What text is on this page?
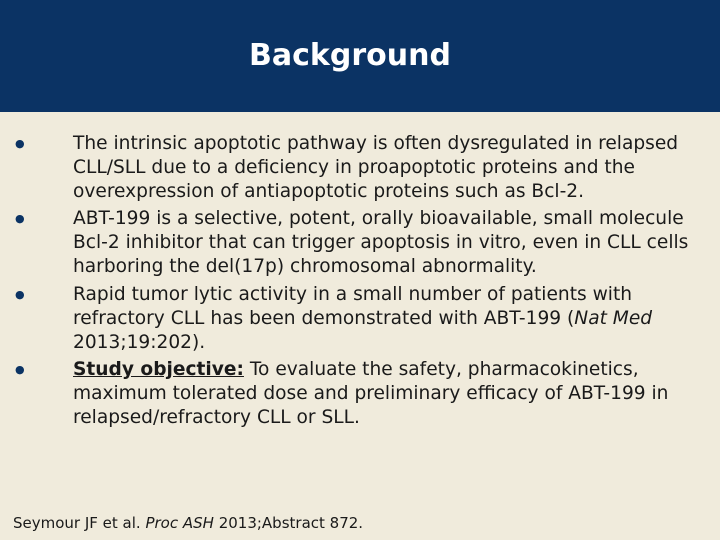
Background
●	The intrinsic apoptotic pathway is often dysregulated in relapsed CLL/SLL due to a deficiency in proapoptotic proteins and the overexpression of antiapoptotic proteins such as Bcl-2.
●	ABT-199 is a selective, potent, orally bioavailable, small molecule Bcl-2 inhibitor that can trigger apoptosis in vitro, even in CLL cells harboring the del(17p) chromosomal abnormality.
●	Rapid tumor lytic activity in a small number of patients with refractory CLL has been demonstrated with ABT-199 (Nat Med 2013;19:202).
●	Study objective: To evaluate the safety, pharmacokinetics, maximum tolerated dose and preliminary efficacy of ABT-199 in relapsed/refractory CLL or SLL.
Seymour JF et al. Proc ASH 2013;Abstract 872.
